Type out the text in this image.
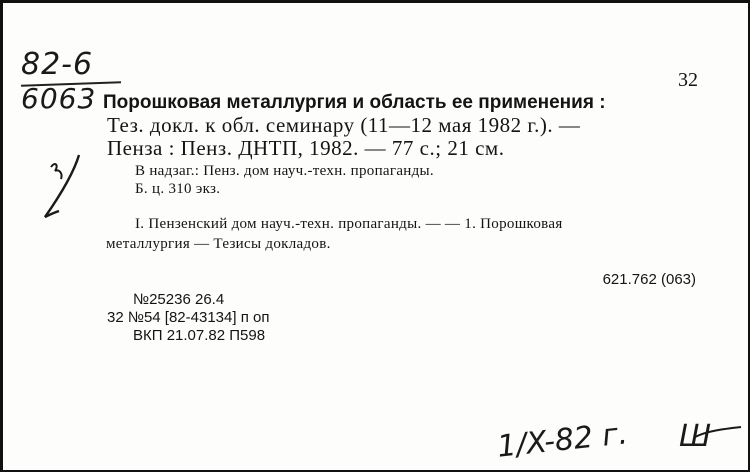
82-6
6063
32
Порошковая металлургия и область ее применения :
Тез. докл. к обл. семинару (11—12 мая 1982 г.). —
Пенза : Пенз. ДНТП, 1982. — 77 с.; 21 см.
В надзаг.: Пенз. дом науч.-техн. пропаганды.
Б. ц. 310 экз.
I. Пензенский дом науч.-техн. пропаганды. — — 1. Порошковая
металлургия — Тезисы докладов.
621.762 (063)
№25236 26.4
32 №54 [82-43134] п оп
ВКП 21.07.82 П598
1/X-82 г. Ш
